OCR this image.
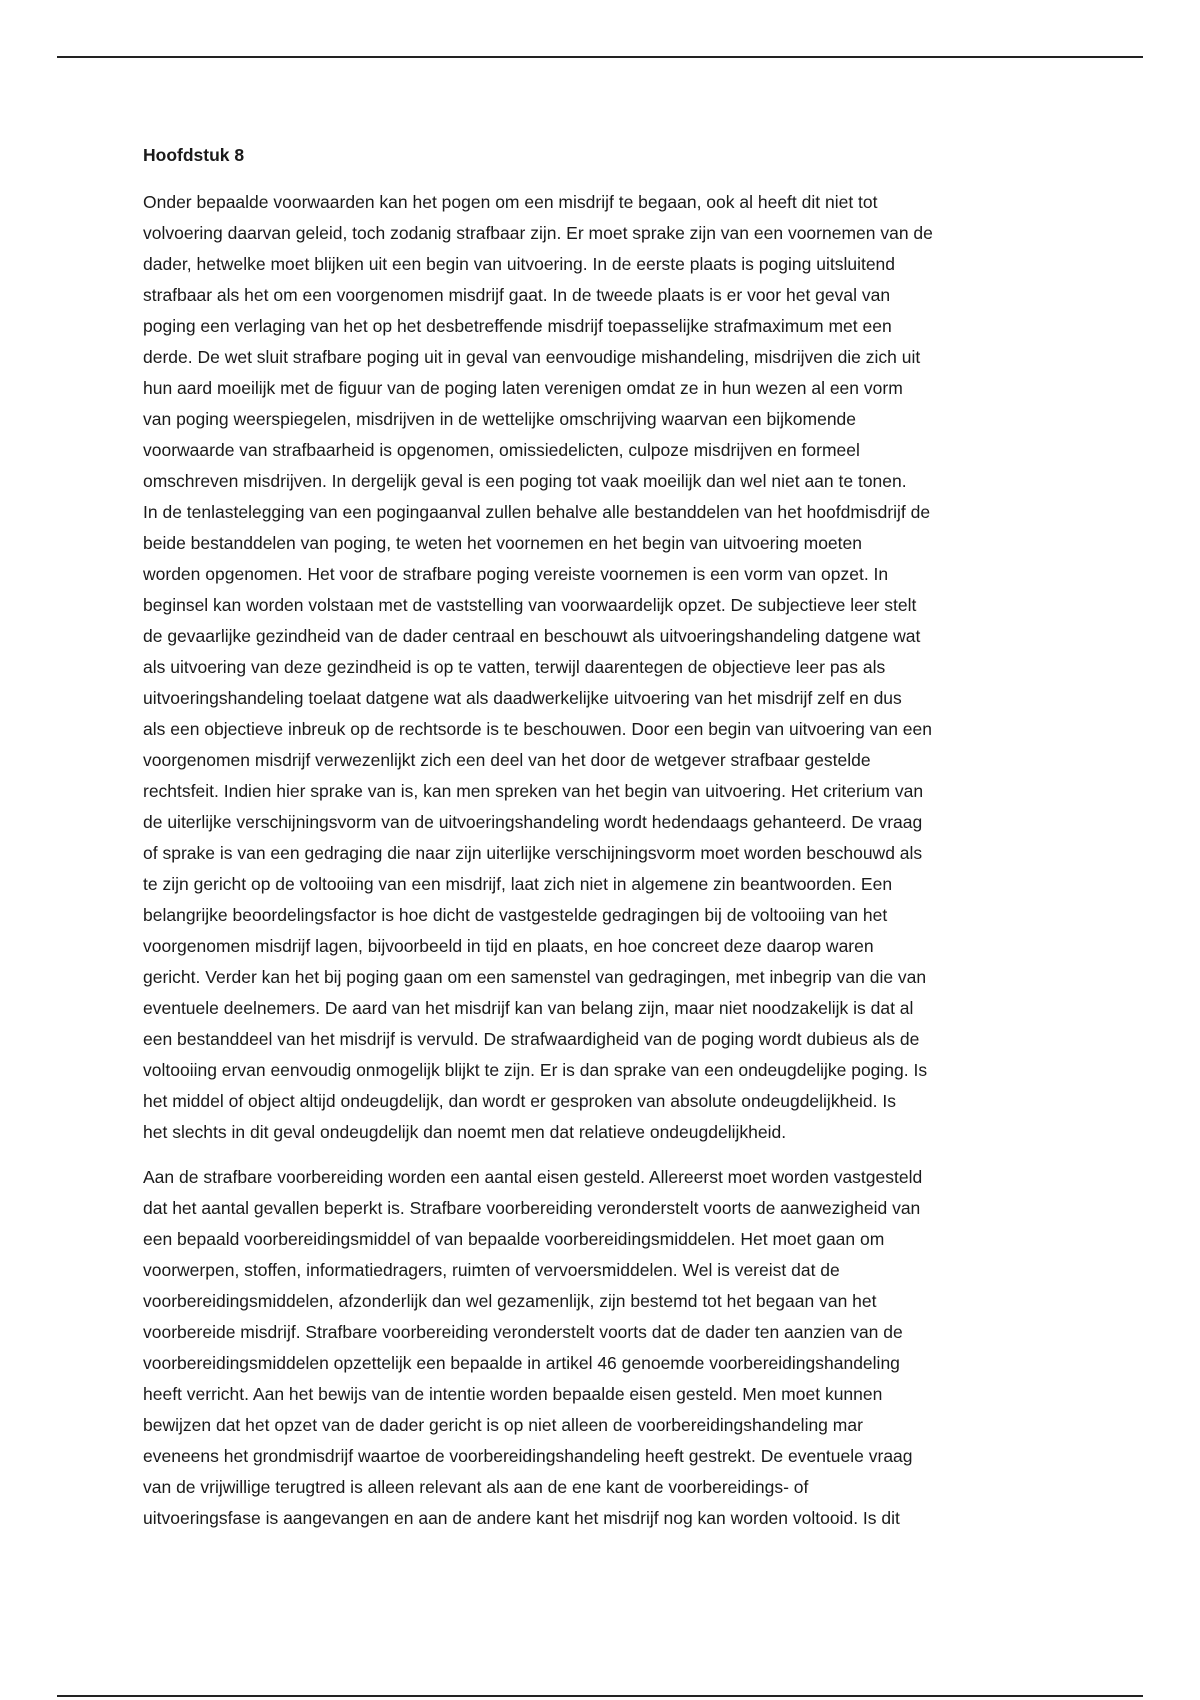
Hoofdstuk 8

Onder bepaalde voorwaarden kan het pogen om een misdrijf te begaan, ook al heeft dit niet tot
volvoering daarvan geleid, toch zodanig strafbaar zijn. Er moet sprake zijn van een voornemen van de
dader, hetwelke moet blijken uit een begin van uitvoering. In de eerste plaats is poging uitsluitend
strafbaar als het om een voorgenomen misdrijf gaat. In de tweede plaats is er voor het geval van
poging een verlaging van het op het desbetreffende misdrijf toepasselijke strafmaximum met een
derde. De wet sluit strafbare poging uit in geval van eenvoudige mishandeling, misdrijven die zich uit
hun aard moeilijk met de figuur van de poging laten verenigen omdat ze in hun wezen al een vorm
van poging weerspiegelen, misdrijven in de wettelijke omschrijving waarvan een bijkomende
voorwaarde van strafbaarheid is opgenomen, omissiedelicten, culpoze misdrijven en formeel
omschreven misdrijven. In dergelijk geval is een poging tot vaak moeilijk dan wel niet aan te tonen.
In de tenlastelegging van een pogingaanval zullen behalve alle bestanddelen van het hoofdmisdrijf de
beide bestanddelen van poging, te weten het voornemen en het begin van uitvoering moeten
worden opgenomen. Het voor de strafbare poging vereiste voornemen is een vorm van opzet. In
beginsel kan worden volstaan met de vaststelling van voorwaardelijk opzet. De subjectieve leer stelt
de gevaarlijke gezindheid van de dader centraal en beschouwt als uitvoeringshandeling datgene wat
als uitvoering van deze gezindheid is op te vatten, terwijl daarentegen de objectieve leer pas als
uitvoeringshandeling toelaat datgene wat als daadwerkelijke uitvoering van het misdrijf zelf en dus
als een objectieve inbreuk op de rechtsorde is te beschouwen. Door een begin van uitvoering van een
voorgenomen misdrijf verwezenlijkt zich een deel van het door de wetgever strafbaar gestelde
rechtsfeit. Indien hier sprake van is, kan men spreken van het begin van uitvoering. Het criterium van
de uiterlijke verschijningsvorm van de uitvoeringshandeling wordt hedendaags gehanteerd. De vraag
of sprake is van een gedraging die naar zijn uiterlijke verschijningsvorm moet worden beschouwd als
te zijn gericht op de voltooiing van een misdrijf, laat zich niet in algemene zin beantwoorden. Een
belangrijke beoordelingsfactor is hoe dicht de vastgestelde gedragingen bij de voltooiing van het
voorgenomen misdrijf lagen, bijvoorbeeld in tijd en plaats, en hoe concreet deze daarop waren
gericht. Verder kan het bij poging gaan om een samenstel van gedragingen, met inbegrip van die van
eventuele deelnemers. De aard van het misdrijf kan van belang zijn, maar niet noodzakelijk is dat al
een bestanddeel van het misdrijf is vervuld. De strafwaardigheid van de poging wordt dubieus als de
voltooiing ervan eenvoudig onmogelijk blijkt te zijn. Er is dan sprake van een ondeugdelijke poging. Is
het middel of object altijd ondeugdelijk, dan wordt er gesproken van absolute ondeugdelijkheid. Is
het slechts in dit geval ondeugdelijk dan noemt men dat relatieve ondeugdelijkheid.

Aan de strafbare voorbereiding worden een aantal eisen gesteld. Allereerst moet worden vastgesteld
dat het aantal gevallen beperkt is. Strafbare voorbereiding veronderstelt voorts de aanwezigheid van
een bepaald voorbereidingsmiddel of van bepaalde voorbereidingsmiddelen. Het moet gaan om
voorwerpen, stoffen, informatiedragers, ruimten of vervoersmiddelen. Wel is vereist dat de
voorbereidingsmiddelen, afzonderlijk dan wel gezamenlijk, zijn bestemd tot het begaan van het
voorbereide misdrijf. Strafbare voorbereiding veronderstelt voorts dat de dader ten aanzien van de
voorbereidingsmiddelen opzettelijk een bepaalde in artikel 46 genoemde voorbereidingshandeling
heeft verricht. Aan het bewijs van de intentie worden bepaalde eisen gesteld. Men moet kunnen
bewijzen dat het opzet van de dader gericht is op niet alleen de voorbereidingshandeling mar
eveneens het grondmisdrijf waartoe de voorbereidingshandeling heeft gestrekt. De eventuele vraag
van de vrijwillige terugtred is alleen relevant als aan de ene kant de voorbereidings- of
uitvoeringsfase is aangevangen en aan de andere kant het misdrijf nog kan worden voltooid. Is dit
